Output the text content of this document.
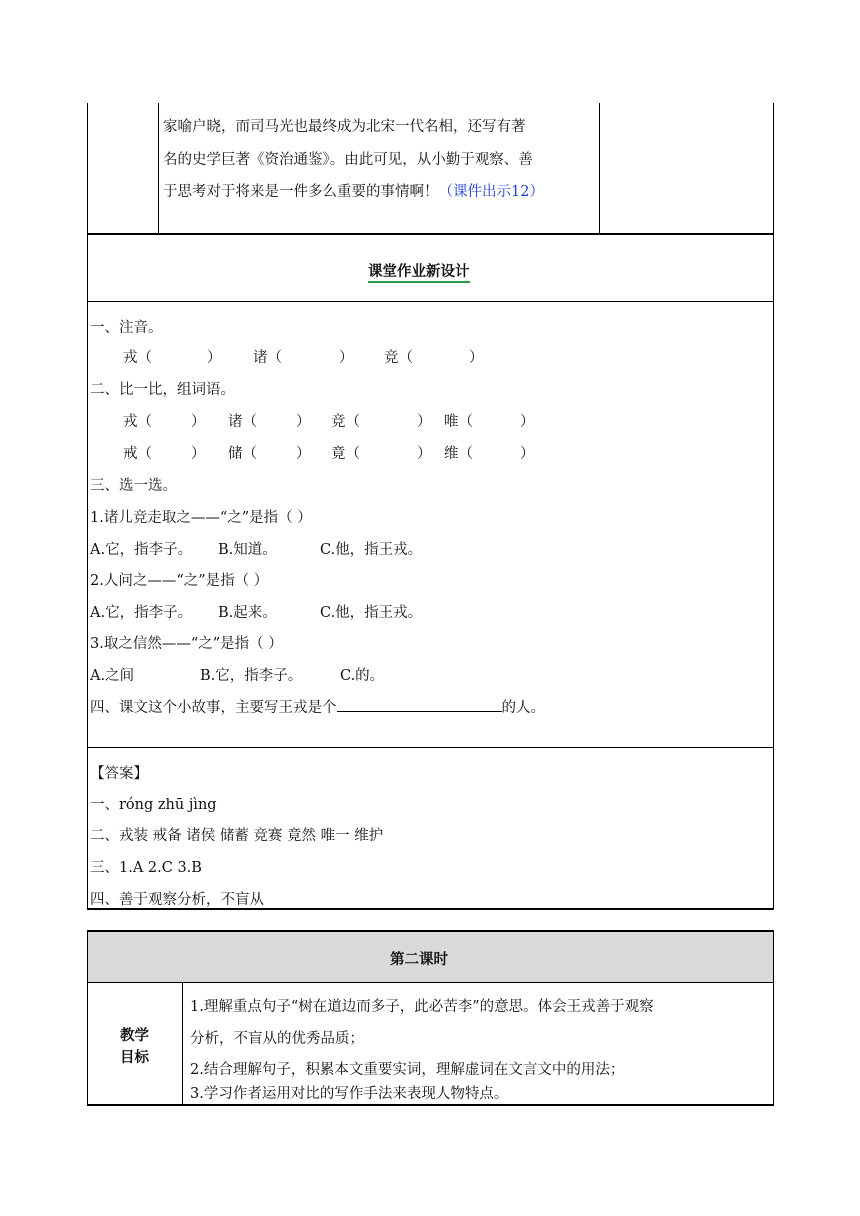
家喻户晓，而司马光也最终成为北宋一代名相，还写有著
名的史学巨著《资治通鉴》。由此可见，从小勤于观察、善
于思考对于将来是一件多么重要的事情啊！（课件出示12）
课堂作业新设计
一、注音。
戎（	） 诸（	） 竞（	）
二、比一比，组词语。
戎（	） 诸（	） 竞（	） 唯（	）
戒（	） 储（	） 竟（	） 维（	）
三、选一选。
1.诸儿竞走取之——“之”是指（ ）
A.它，指李子。 B.知道。	C.他，指王戎。
2.人问之——“之”是指（ ）
A.它，指李子。 B.起来。	C.他，指王戎。
3.取之信然——“之”是指（ ）
A.之间	B.它，指李子。	C.的。
四、课文这个小故事，主要写王戎是个	的人。
【答案】
一、róng zhū jìng
二、戎装 戒备 诸侯 储蓄 竞赛 竟然 唯一 维护
三、1.A 2.C 3.B
四、善于观察分析，不盲从
第二课时
教学
目标
1.理解重点句子“树在道边而多子，此必苦李”的意思。体会王戎善于观察
分析，不盲从的优秀品质；
2.结合理解句子，积累本文重要实词，理解虚词在文言文中的用法；
3.学习作者运用对比的写作手法来表现人物特点。
